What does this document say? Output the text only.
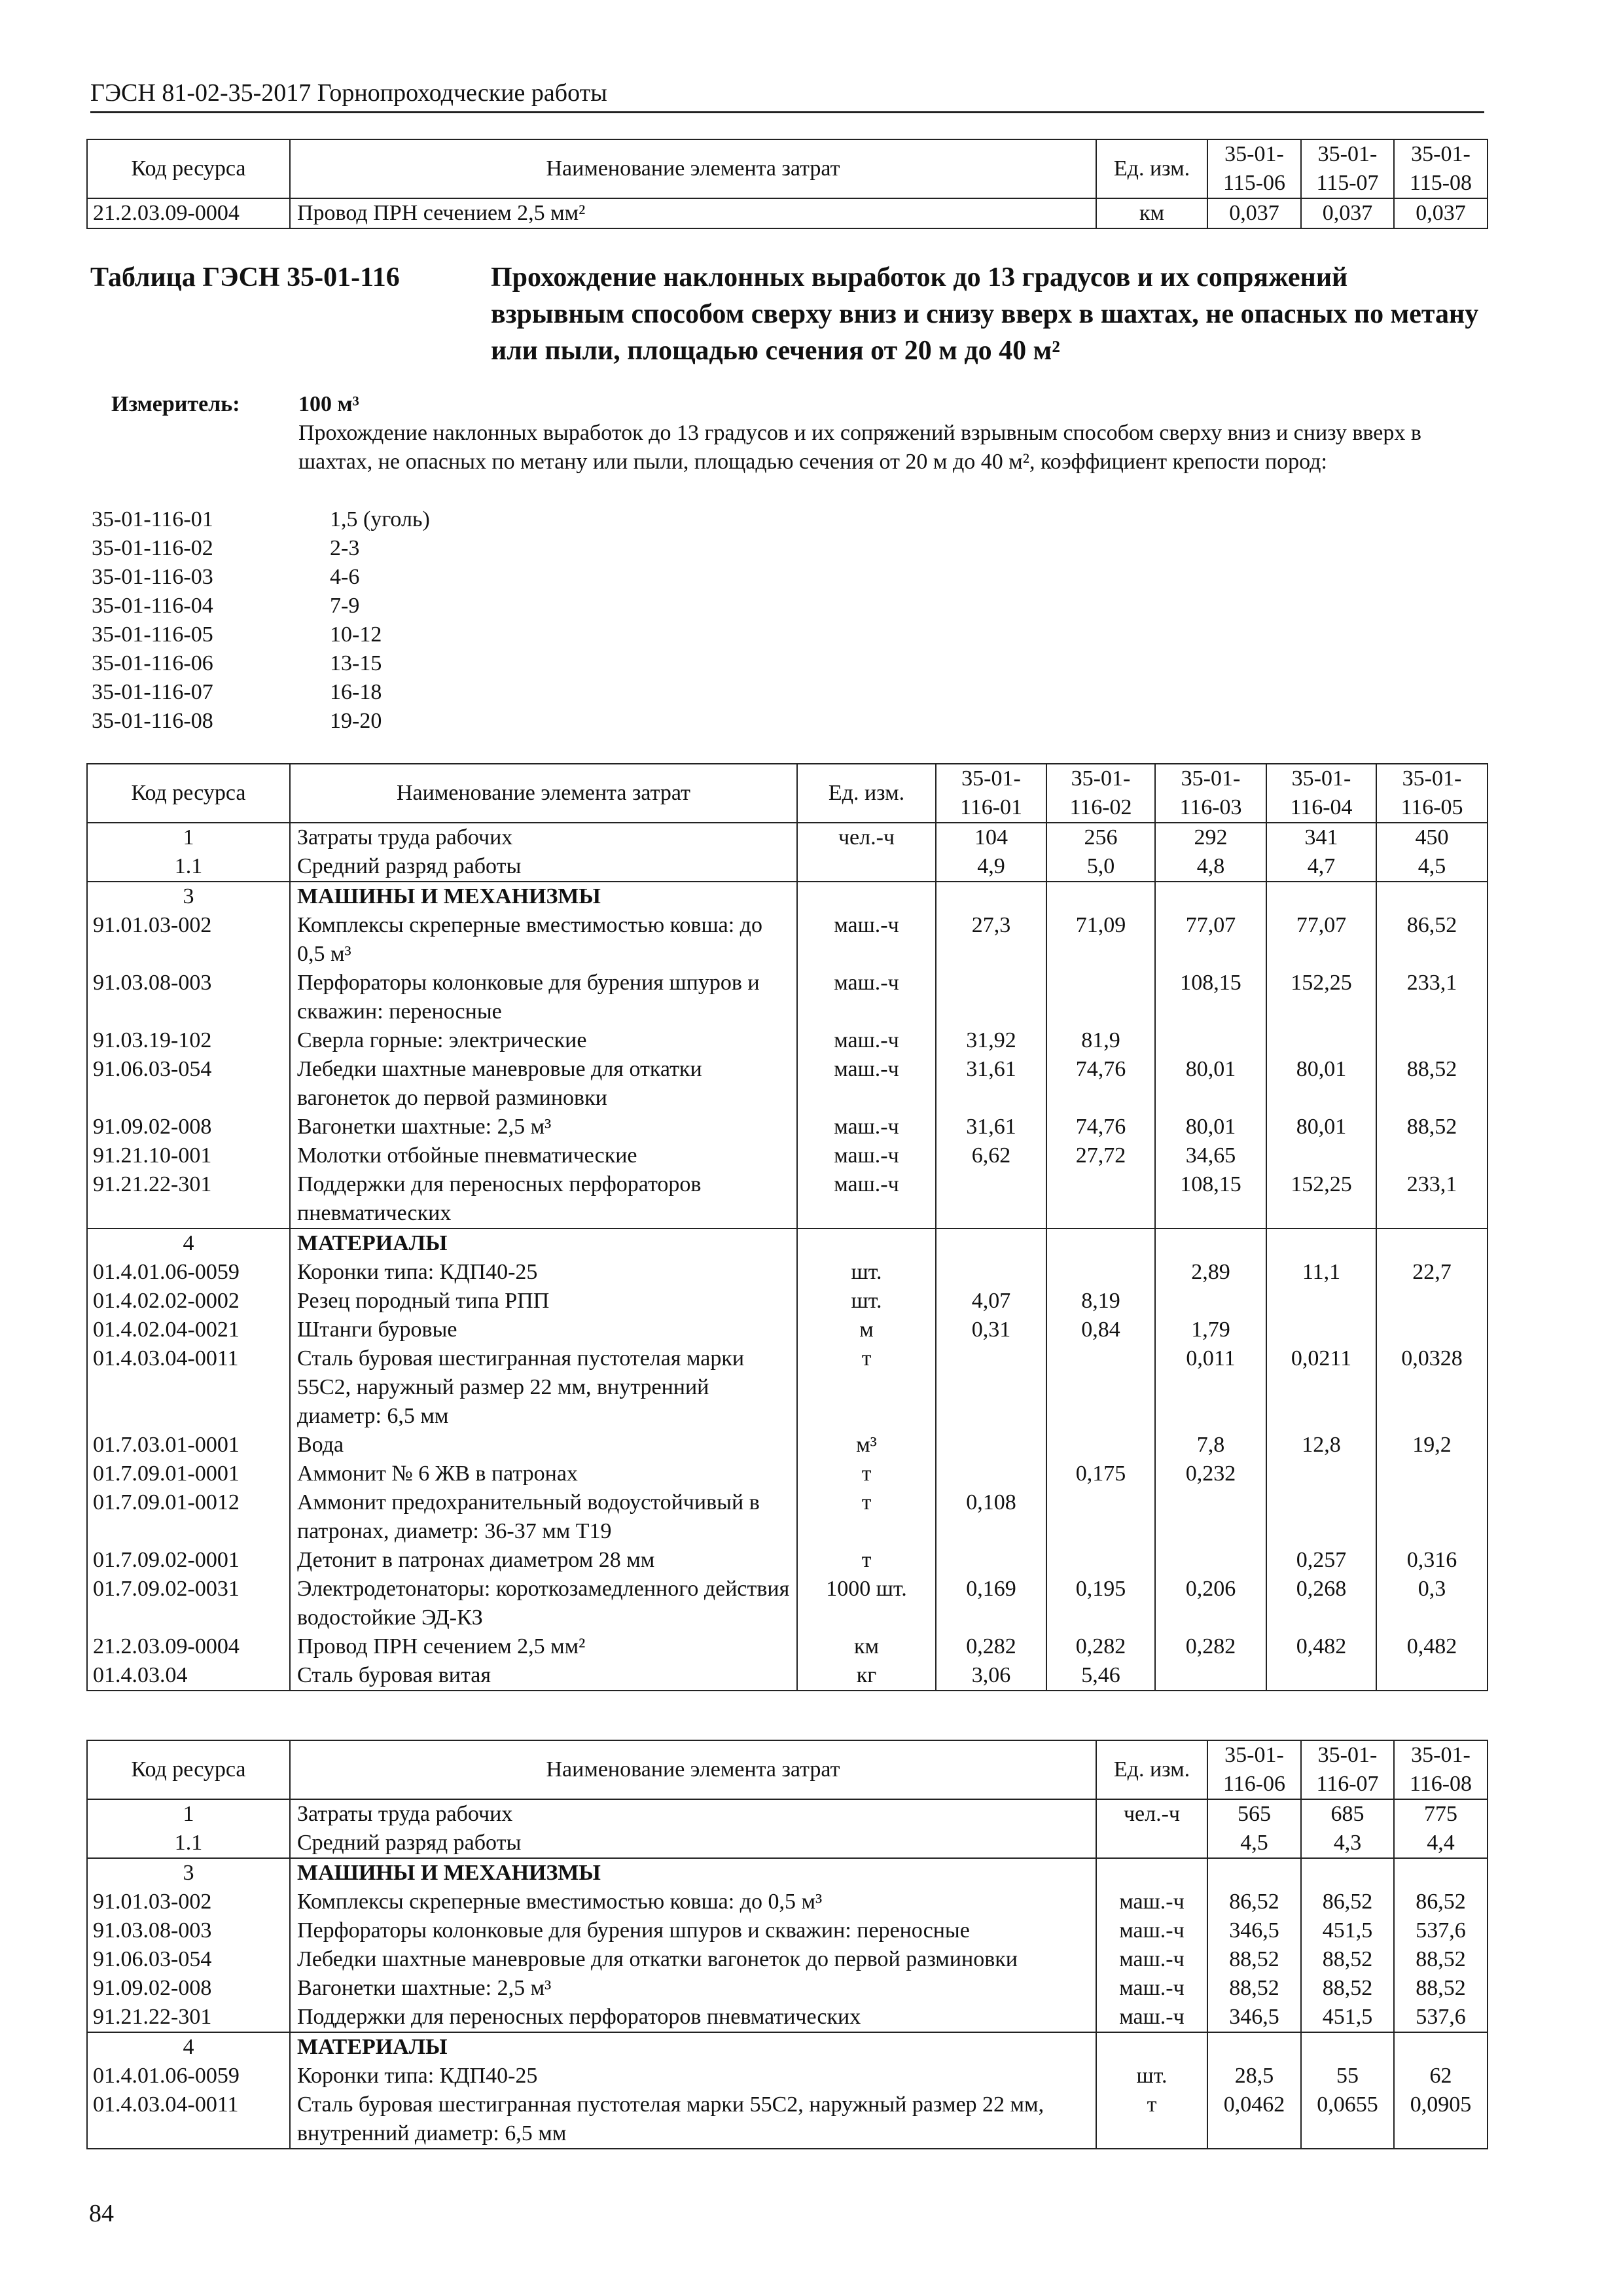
ГЭСН 81-02-35-2017 Горнопроходческие работы
Код ресурса	Наименование элемента затрат	Ед. изм.	35-01-115-06	35-01-115-07	35-01-115-08
21.2.03.09-0004	Провод ПРН сечением 2,5 мм²	км	0,037	0,037	0,037
Таблица ГЭСН 35-01-116	Прохождение наклонных выработок до 13 градусов и их сопряжений взрывным способом сверху вниз и снизу вверх в шахтах, не опасных по метану или пыли, площадью сечения от 20 м до 40 м²
Измеритель:	100 м³
Прохождение наклонных выработок до 13 градусов и их сопряжений взрывным способом сверху вниз и снизу вверх в шахтах, не опасных по метану или пыли, площадью сечения от 20 м до 40 м², коэффициент крепости пород:
35-01-116-01	1,5 (уголь)
35-01-116-02	2-3
35-01-116-03	4-6
35-01-116-04	7-9
35-01-116-05	10-12
35-01-116-06	13-15
35-01-116-07	16-18
35-01-116-08	19-20
Код ресурса	Наименование элемента затрат	Ед. изм.	35-01-116-01	35-01-116-02	35-01-116-03	35-01-116-04	35-01-116-05
1	Затраты труда рабочих	чел.-ч	104	256	292	341	450
1.1	Средний разряд работы		4,9	5,0	4,8	4,7	4,5
3	МАШИНЫ И МЕХАНИЗМЫ						
91.01.03-002	Комплексы скреперные вместимостью ковша: до 0,5 м³	маш.-ч	27,3	71,09	77,07	77,07	86,52
91.03.08-003	Перфораторы колонковые для бурения шпуров и скважин: переносные	маш.-ч			108,15	152,25	233,1
91.03.19-102	Сверла горные: электрические	маш.-ч	31,92	81,9			
91.06.03-054	Лебедки шахтные маневровые для откатки вагонеток до первой разминовки	маш.-ч	31,61	74,76	80,01	80,01	88,52
91.09.02-008	Вагонетки шахтные: 2,5 м³	маш.-ч	31,61	74,76	80,01	80,01	88,52
91.21.10-001	Молотки отбойные пневматические	маш.-ч	6,62	27,72	34,65		
91.21.22-301	Поддержки для переносных перфораторов пневматических	маш.-ч			108,15	152,25	233,1
4	МАТЕРИАЛЫ						
01.4.01.06-0059	Коронки типа: КДП40-25	шт.			2,89	11,1	22,7
01.4.02.02-0002	Резец породный типа РПП	шт.	4,07	8,19			
01.4.02.04-0021	Штанги буровые	м	0,31	0,84	1,79		
01.4.03.04-0011	Сталь буровая шестигранная пустотелая марки 55С2, наружный размер 22 мм, внутренний диаметр: 6,5 мм	т			0,011	0,0211	0,0328
01.7.03.01-0001	Вода	м³			7,8	12,8	19,2
01.7.09.01-0001	Аммонит № 6 ЖВ в патронах	т		0,175	0,232		
01.7.09.01-0012	Аммонит предохранительный водоустойчивый в патронах, диаметр: 36-37 мм Т19	т	0,108				
01.7.09.02-0001	Детонит в патронах диаметром 28 мм	т				0,257	0,316
01.7.09.02-0031	Электродетонаторы: короткозамедленного действия водостойкие ЭД-КЗ	1000 шт.	0,169	0,195	0,206	0,268	0,3
21.2.03.09-0004	Провод ПРН сечением 2,5 мм²	км	0,282	0,282	0,282	0,482	0,482
01.4.03.04	Сталь буровая витая	кг	3,06	5,46			
Код ресурса	Наименование элемента затрат	Ед. изм.	35-01-116-06	35-01-116-07	35-01-116-08
1	Затраты труда рабочих	чел.-ч	565	685	775
1.1	Средний разряд работы		4,5	4,3	4,4
3	МАШИНЫ И МЕХАНИЗМЫ				
91.01.03-002	Комплексы скреперные вместимостью ковша: до 0,5 м³	маш.-ч	86,52	86,52	86,52
91.03.08-003	Перфораторы колонковые для бурения шпуров и скважин: переносные	маш.-ч	346,5	451,5	537,6
91.06.03-054	Лебедки шахтные маневровые для откатки вагонеток до первой разминовки	маш.-ч	88,52	88,52	88,52
91.09.02-008	Вагонетки шахтные: 2,5 м³	маш.-ч	88,52	88,52	88,52
91.21.22-301	Поддержки для переносных перфораторов пневматических	маш.-ч	346,5	451,5	537,6
4	МАТЕРИАЛЫ				
01.4.01.06-0059	Коронки типа: КДП40-25	шт.	28,5	55	62
01.4.03.04-0011	Сталь буровая шестигранная пустотелая марки 55С2, наружный размер 22 мм, внутренний диаметр: 6,5 мм	т	0,0462	0,0655	0,0905
84
